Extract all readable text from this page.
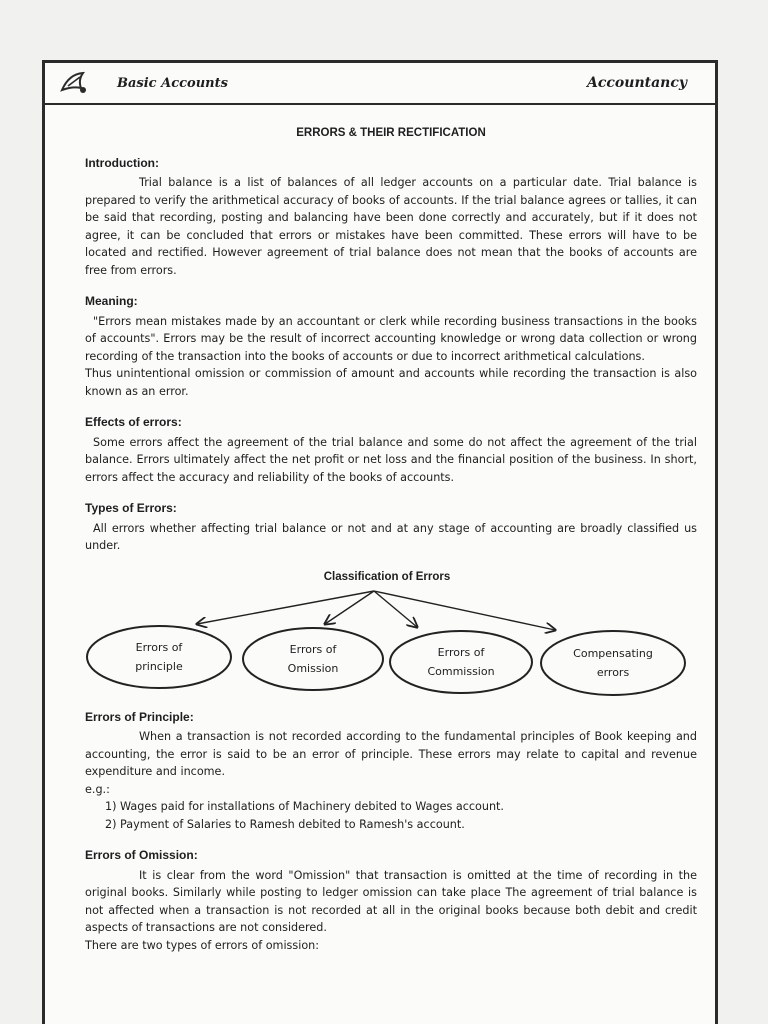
Basic Accounts	Accountancy
ERRORS & THEIR RECTIFICATION
Introduction:

Trial balance is a list of balances of all ledger accounts on a particular date. Trial balance is prepared to verify the arithmetical accuracy of books of accounts. If the trial balance agrees or tallies, it can be said that recording, posting and balancing have been done correctly and accurately, but if it does not agree, it can be concluded that errors or mistakes have been committed. These errors will have to be located and rectified. However agreement of trial balance does not mean that the books of accounts are free from errors.

Meaning:

"Errors mean mistakes made by an accountant or clerk while recording business transactions in the books of accounts". Errors may be the result of incorrect accounting knowledge or wrong data collection or wrong recording of the transaction into the books of accounts or due to incorrect arithmetical calculations.

Thus unintentional omission or commission of amount and accounts while recording the transaction is also known as an error.

Effects of errors:

Some errors affect the agreement of the trial balance and some do not affect the agreement of the trial balance. Errors ultimately affect the net profit or net loss and the financial position of the business. In short, errors affect the accuracy and reliability of the books of accounts.

Types of Errors:

All errors whether affecting trial balance or not and at any stage of accounting are broadly classified us under.

Classification of Errors
Errors of
principle
Errors of
Omission
Errors of
Commission
Compensating
errors
Errors of Principle:

When a transaction is not recorded according to the fundamental principles of Book keeping and accounting, the error is said to be an error of principle. These errors may relate to capital and revenue expenditure and income.

e.g.:

1) Wages paid for installations of Machinery debited to Wages account.
2) Payment of Salaries to Ramesh debited to Ramesh's account.
Errors of Omission:

It is clear from the word "Omission" that transaction is omitted at the time of recording in the original books. Similarly while posting to ledger omission can take place The agreement of trial balance is not affected when a transaction is not recorded at all in the original books because both debit and credit aspects of transactions are not considered.

There are two types of errors of omission:
